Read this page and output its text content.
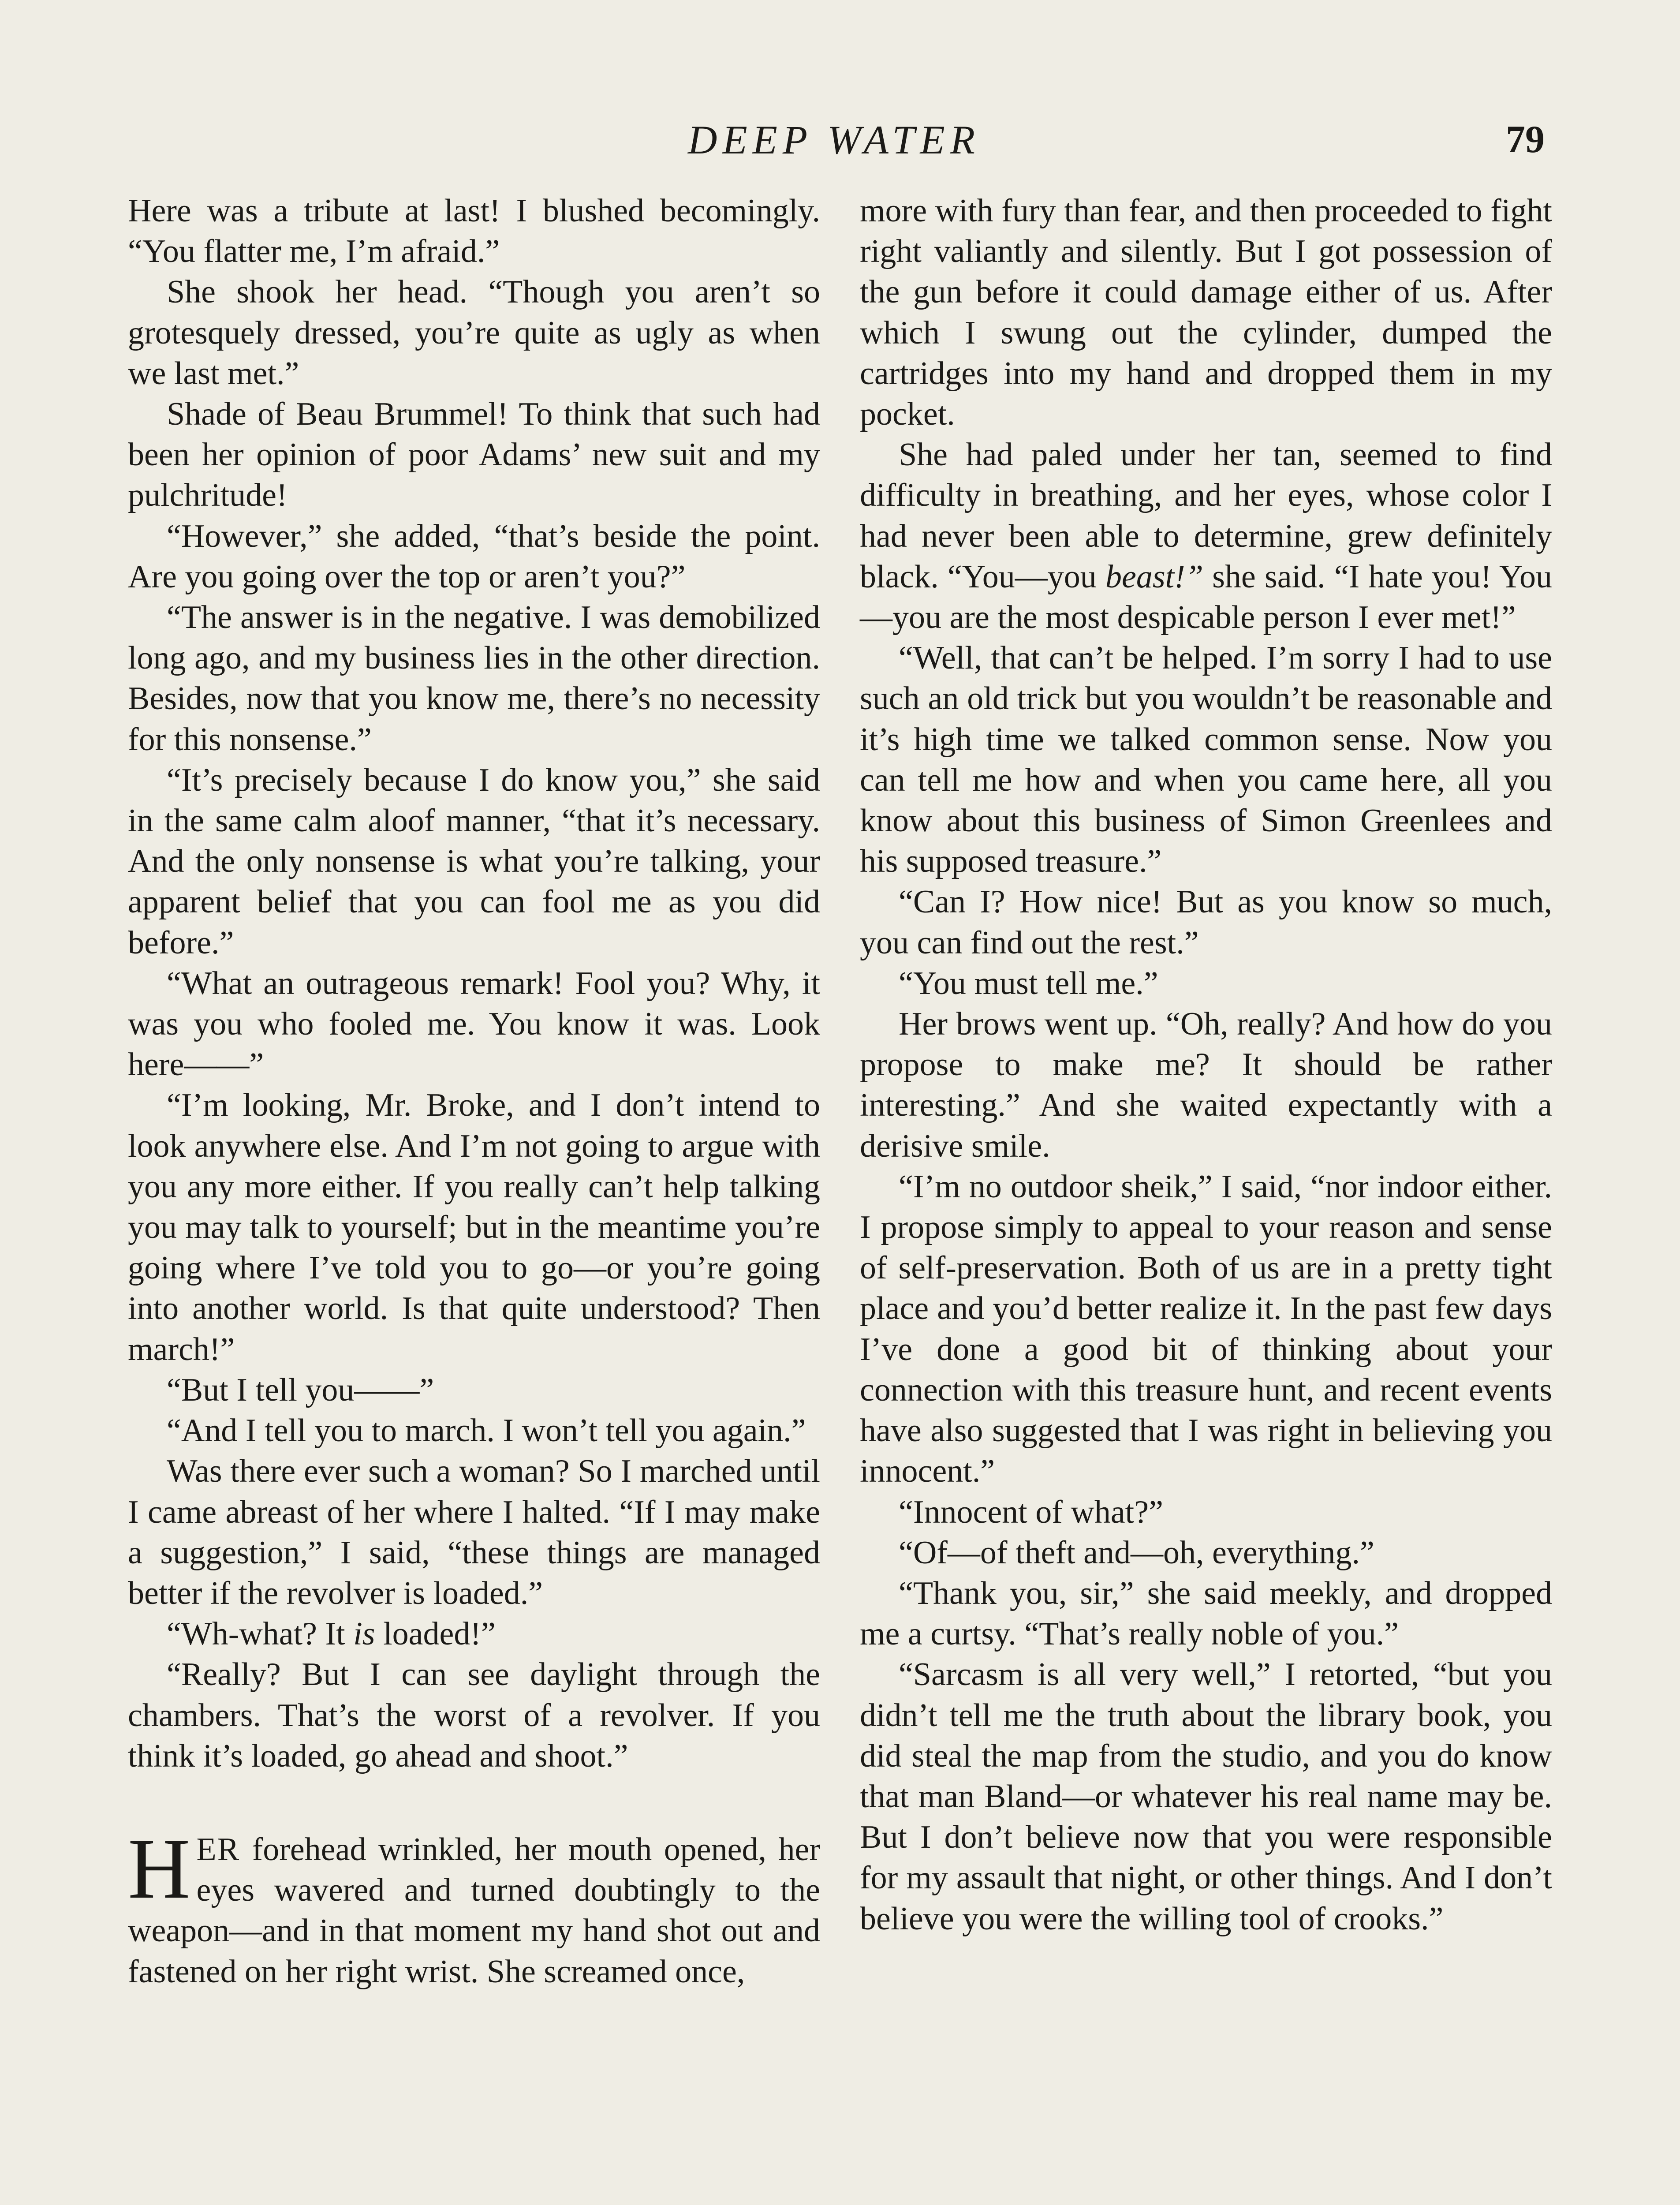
DEEP WATER	79

Here was a tribute at last! I blushed becomingly. “You flatter me, I’m afraid.”

She shook her head. “Though you aren’t so grotesquely dressed, you’re quite as ugly as when we last met.”

Shade of Beau Brummel! To think that such had been her opinion of poor Adams’ new suit and my pulchritude!

“However,” she added, “that’s beside the point. Are you going over the top or aren’t you?”

“The answer is in the negative. I was demobilized long ago, and my business lies in the other direction. Besides, now that you know me, there’s no necessity for this nonsense.”

“It’s precisely because I do know you,” she said in the same calm aloof manner, “that it’s necessary. And the only nonsense is what you’re talking, your apparent belief that you can fool me as you did before.”

“What an outrageous remark! Fool you? Why, it was you who fooled me. You know it was. Look here——”

“I’m looking, Mr. Broke, and I don’t intend to look anywhere else. And I’m not going to argue with you any more either. If you really can’t help talking you may talk to yourself; but in the meantime you’re going where I’ve told you to go—or you’re going into another world. Is that quite understood? Then march!”

“But I tell you——”

“And I tell you to march. I won’t tell you again.”

Was there ever such a woman? So I marched until I came abreast of her where I halted. “If I may make a suggestion,” I said, “these things are managed better if the revolver is loaded.”

“Wh-what? It is loaded!”

“Really? But I can see daylight through the chambers. That’s the worst of a revolver. If you think it’s loaded, go ahead and shoot.”

HER forehead wrinkled, her mouth opened, her eyes wavered and turned doubtingly to the weapon—and in that moment my hand shot out and fastened on her right wrist. She screamed once,

more with fury than fear, and then proceeded to fight right valiantly and silently. But I got possession of the gun before it could damage either of us. After which I swung out the cylinder, dumped the cartridges into my hand and dropped them in my pocket.

She had paled under her tan, seemed to find difficulty in breathing, and her eyes, whose color I had never been able to determine, grew definitely black. “You—you beast!” she said. “I hate you! You—you are the most despicable person I ever met!”

“Well, that can’t be helped. I’m sorry I had to use such an old trick but you wouldn’t be reasonable and it’s high time we talked common sense. Now you can tell me how and when you came here, all you know about this business of Simon Greenlees and his supposed treasure.”

“Can I? How nice! But as you know so much, you can find out the rest.”

“You must tell me.”

Her brows went up. “Oh, really? And how do you propose to make me? It should be rather interesting.” And she waited expectantly with a derisive smile.

“I’m no outdoor sheik,” I said, “nor indoor either. I propose simply to appeal to your reason and sense of self-preservation. Both of us are in a pretty tight place and you’d better realize it. In the past few days I’ve done a good bit of thinking about your connection with this treasure hunt, and recent events have also suggested that I was right in believing you innocent.”

“Innocent of what?”

“Of—of theft and—oh, everything.”

“Thank you, sir,” she said meekly, and dropped me a curtsy. “That’s really noble of you.”

“Sarcasm is all very well,” I retorted, “but you didn’t tell me the truth about the library book, you did steal the map from the studio, and you do know that man Bland—or whatever his real name may be. But I don’t believe now that you were responsible for my assault that night, or other things. And I don’t believe you were the willing tool of crooks.”
